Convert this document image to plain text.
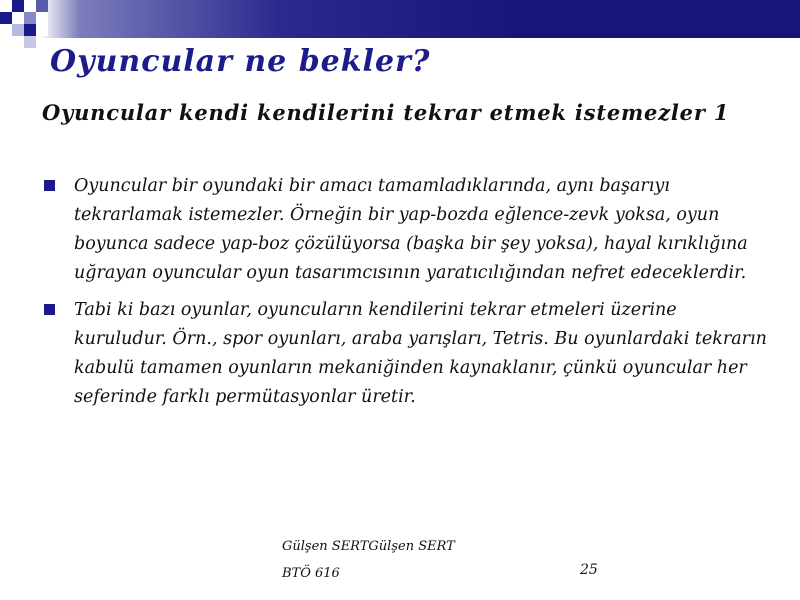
Oyuncular ne bekler?
Oyuncular kendi kendilerini tekrar etmek istemezler 1
Oyuncular bir oyundaki bir amacı tamamladıklarında, aynı başarıyı tekrarlamak istemezler. Örneğin bir yap-bozda eğlence-zevk yoksa, oyun boyunca sadece yap-boz çözülüyorsa (başka bir şey yoksa), hayal kırıklığına uğrayan oyuncular oyun tasarımcısının yaratıcılığından nefret edeceklerdir.
Tabi ki bazı oyunlar, oyuncuların kendilerini tekrar etmeleri üzerine kuruludur. Örn., spor oyunları, araba yarışları, Tetris. Bu oyunlardaki tekrarın kabulü tamamen oyunların mekaniğinden kaynaklanır, çünkü oyuncular her seferinde farklı permütasyonlar üretir.
Gülşen SERTGülşen SERT
BTÖ 616	25
